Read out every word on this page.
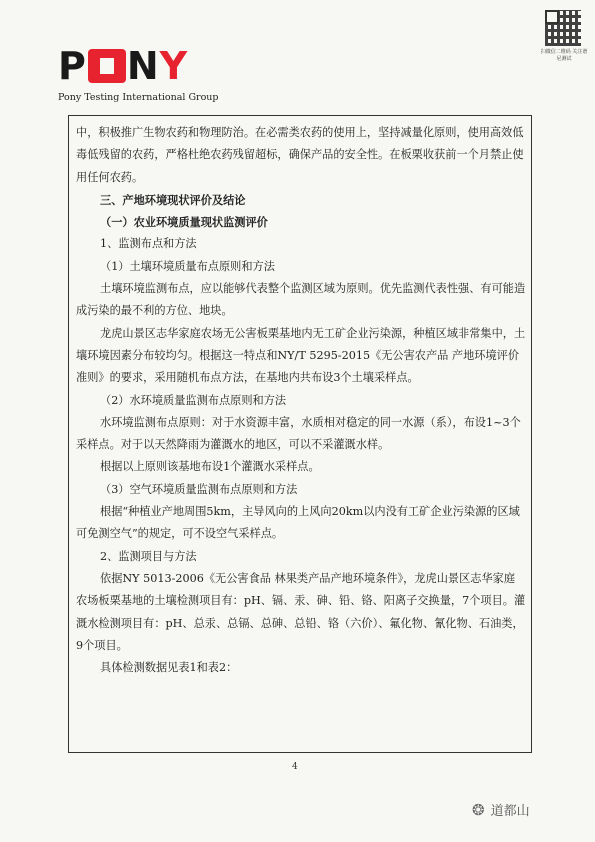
P N Y
Pony Testing International Group
扫微信二维码 关注谱尼测试

中，积极推广生物农药和物理防治。在必需类农药的使用上，坚持减量化原则，使用高效低毒低残留的农药，严格杜绝农药残留超标，确保产品的安全性。在板栗收获前一个月禁止使用任何农药。

三、产地环境现状评价及结论

（一）农业环境质量现状监测评价

1、监测布点和方法

（1）土壤环境质量布点原则和方法

土壤环境监测布点，应以能够代表整个监测区域为原则。优先监测代表性强、有可能造成污染的最不利的方位、地块。

龙虎山景区志华家庭农场无公害板栗基地内无工矿企业污染源，种植区域非常集中，土壤环境因素分布较均匀。根据这一特点和NY/T 5295-2015《无公害农产品 产地环境评价准则》的要求，采用随机布点方法，在基地内共布设3个土壤采样点。

（2）水环境质量监测布点原则和方法

水环境监测布点原则：对于水资源丰富，水质相对稳定的同一水源（系），布设1~3个采样点。对于以天然降雨为灌溉水的地区，可以不采灌溉水样。

根据以上原则该基地布设1个灌溉水采样点。

（3）空气环境质量监测布点原则和方法

根据“种植业产地周围5km，主导风向的上风向20km以内没有工矿企业污染源的区域可免测空气”的规定，可不设空气采样点。

2、监测项目与方法

依据NY 5013-2006《无公害食品 林果类产品产地环境条件》，龙虎山景区志华家庭农场板栗基地的土壤检测项目有：pH、镉、汞、砷、铅、铬、阳离子交换量，7个项目。灌溉水检测项目有：pH、总汞、总镉、总砷、总铅、铬（六价）、氟化物、氰化物、石油类，9个项目。

具体检测数据见表1和表2：

4
❂ 道都山
